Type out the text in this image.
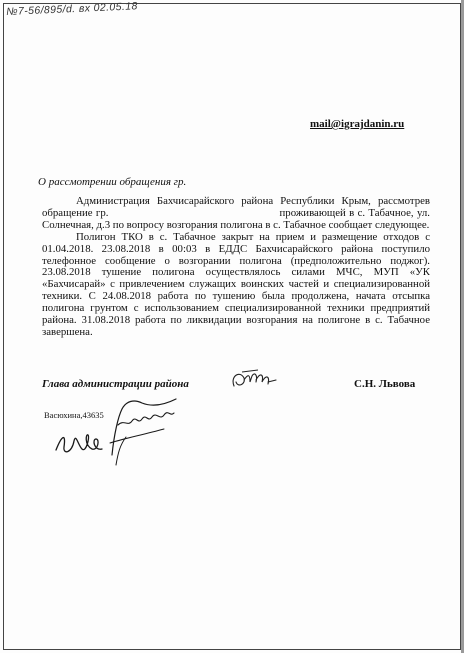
№7-56/895/d. вх 02.05.18
mail@igrajdanin.ru
О рассмотрении обращения гр.

Администрация Бахчисарайского района Республики Крым, рассмотрев обращение гр.                                                   проживающей в с. Табачное, ул. Солнечная, д.3 по вопросу возгорания полигона в с. Табачное сообщает следующее.

Полигон ТКО в с. Табачное закрыт на прием и размещение отходов с 01.04.2018. 23.08.2018 в 00:03 в ЕДДС Бахчисарайского района поступило телефонное сообщение о возгорании полигона (предположительно поджог). 23.08.2018 тушение полигона осуществлялось силами МЧС, МУП «УК «Бахчисарай» с привлечением служащих воинских частей и специализированной техники. С 24.08.2018 работа по тушению была продолжена, начата отсыпка полигона грунтом с использованием специализированной техники предприятий района. 31.08.2018 работа по ликвидации возгорания на полигоне в с. Табачное завершена.

Глава администрации района	С.Н. Львова
Васюхина,43635
